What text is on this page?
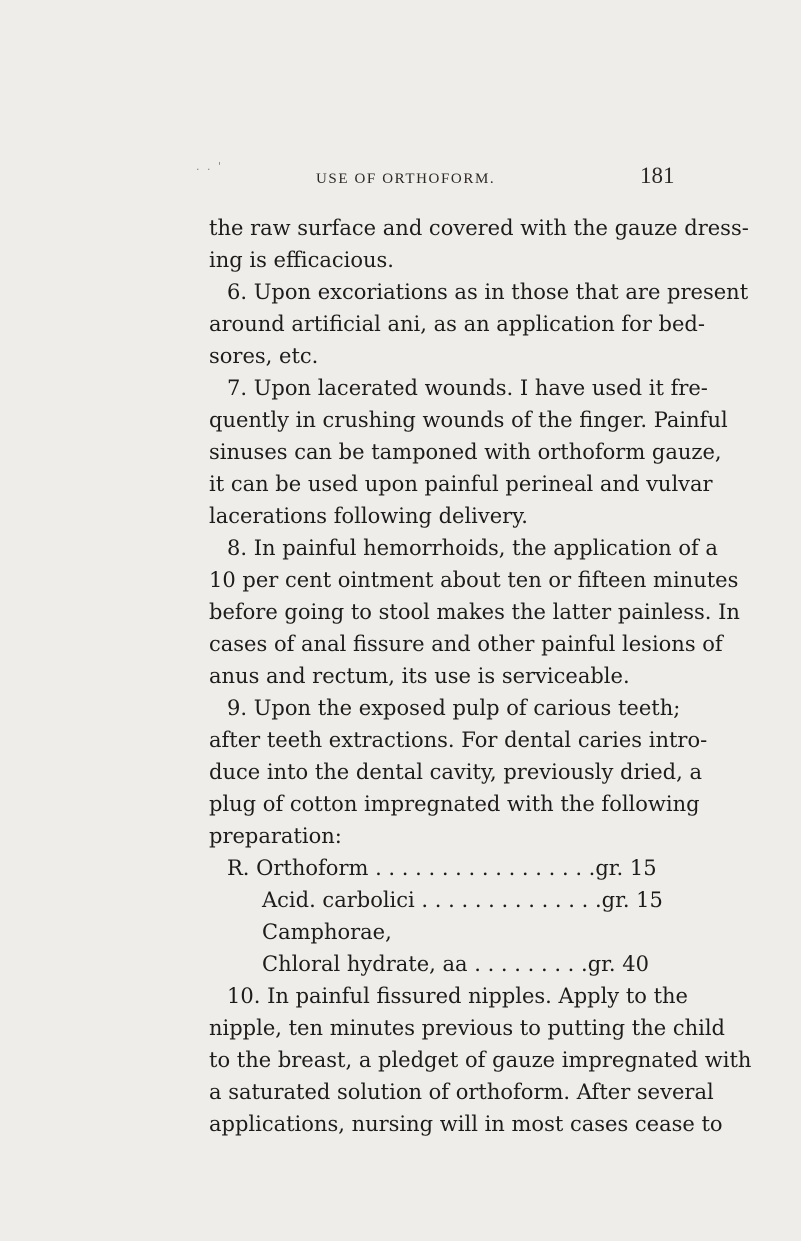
. . '
USE OF ORTHOFORM.	181
the raw surface and covered with the gauze dress-
ing is efficacious.
6. Upon excoriations as in those that are present
around artificial ani, as an application for bed-
sores, etc.
7. Upon lacerated wounds. I have used it fre-
quently in crushing wounds of the finger. Painful
sinuses can be tamponed with orthoform gauze,
it can be used upon painful perineal and vulvar
lacerations following delivery.
8. In painful hemorrhoids, the application of a
10 per cent ointment about ten or fifteen minutes
before going to stool makes the latter painless. In
cases of anal fissure and other painful lesions of
anus and rectum, its use is serviceable.
9. Upon the exposed pulp of carious teeth;
after teeth extractions. For dental caries intro-
duce into the dental cavity, previously dried, a
plug of cotton impregnated with the following
preparation:
R. Orthoform . . . . . . . . . . . . . . . . .gr. 15
Acid. carbolici . . . . . . . . . . . . . .gr. 15
Camphorae,
Chloral hydrate, aa . . . . . . . . .gr. 40
10. In painful fissured nipples. Apply to the
nipple, ten minutes previous to putting the child
to the breast, a pledget of gauze impregnated with
a saturated solution of orthoform. After several
applications, nursing will in most cases cease to
